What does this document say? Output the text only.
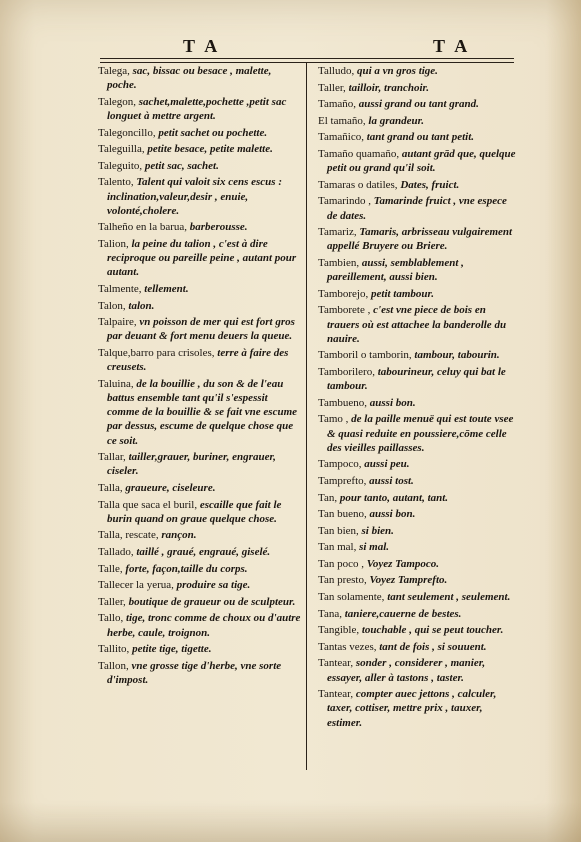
T A	T A
Talega, sac, bissac ou besace , malette, poche.
Talegon, sachet,malette,pochette ,petit sac longuet à mettre argent.
Talegoncillo, petit sachet ou pochette.
Taleguilla, petite besace, petite malette.
Taleguito, petit sac, sachet.
Talento, Talent qui valoit six cens escus : inclination,valeur,desir , enuie, volonté,cholere.
Talheño en la barua, barberousse.
Talion, la peine du talion , c'est à dire reciproque ou pareille peine , autant pour autant.
Talmente, tellement.
Talon, talon.
Talpaire, vn poisson de mer qui est fort gros par deuant & fort menu deuers la queue.
Talque,barro para crisoles, terre à faire des creusets.
Taluina, de la bouillie , du son & de l'eau battus ensemble tant qu'il s'espessit comme de la bouillie & se fait vne escume par dessus, escume de quelque chose que ce soit.
Tallar, tailler,grauer, buriner, engrauer, ciseler.
Talla, graueure, ciseleure.
Talla que saca el buril, escaille que fait le burin quand on graue quelque chose.
Talla, rescate, rançon.
Tallado, taillé , graué, engraué, giselé.
Talle, forte, façon,taille du corps.
Tallecer la yerua, produire sa tige.
Taller, boutique de graueur ou de sculpteur.
Tallo, tige, tronc comme de choux ou d'autre herbe, caule, troignon.
Tallito, petite tige, tigette.
Tallon, vne grosse tige d'herbe, vne sorte d'impost.
Talludo, qui a vn gros tige.
Taller, tailloir, tranchoir.
Tamaño, aussi grand ou tant grand.
El tamaño, la grandeur.
Tamañico, tant grand ou tant petit.
Tamaño quamaño, autant grād que, quelque petit ou grand qu'il soit.
Tamaras o datiles, Dates, fruict.
Tamarindo , Tamarinde fruict , vne espece de dates.
Tamariz, Tamaris, arbrisseau vulgairement appellé Bruyere ou Briere.
Tambien, aussi, semblablement , pareillement, aussi bien.
Tamborejo, petit tambour.
Tamborete , c'est vne piece de bois en trauers où est attachee la banderolle du nauire.
Tamboril o tamborin, tambour, tabourin.
Tamborilero, tabourineur, celuy qui bat le tambour.
Tambueno, aussi bon.
Tamo , de la paille menuë qui est toute vsee & quasi reduite en poussiere,cōme celle des vieilles paillasses.
Tampoco, aussi peu.
Tamprefto, aussi tost.
Tan, pour tanto, autant, tant.
Tan bueno, aussi bon.
Tan bien, si bien.
Tan mal, si mal.
Tan poco , Voyez Tampoco.
Tan presto, Voyez Tamprefto.
Tan solamente, tant seulement , seulement.
Tana, taniere,cauerne de bestes.
Tangible, touchable , qui se peut toucher.
Tantas vezes, tant de fois , si souuent.
Tantear, sonder , considerer , manier, essayer, aller à tastons , taster.
Tantear, compter auec jettons , calculer, taxer, cottiser, mettre prix , tauxer, estimer.
